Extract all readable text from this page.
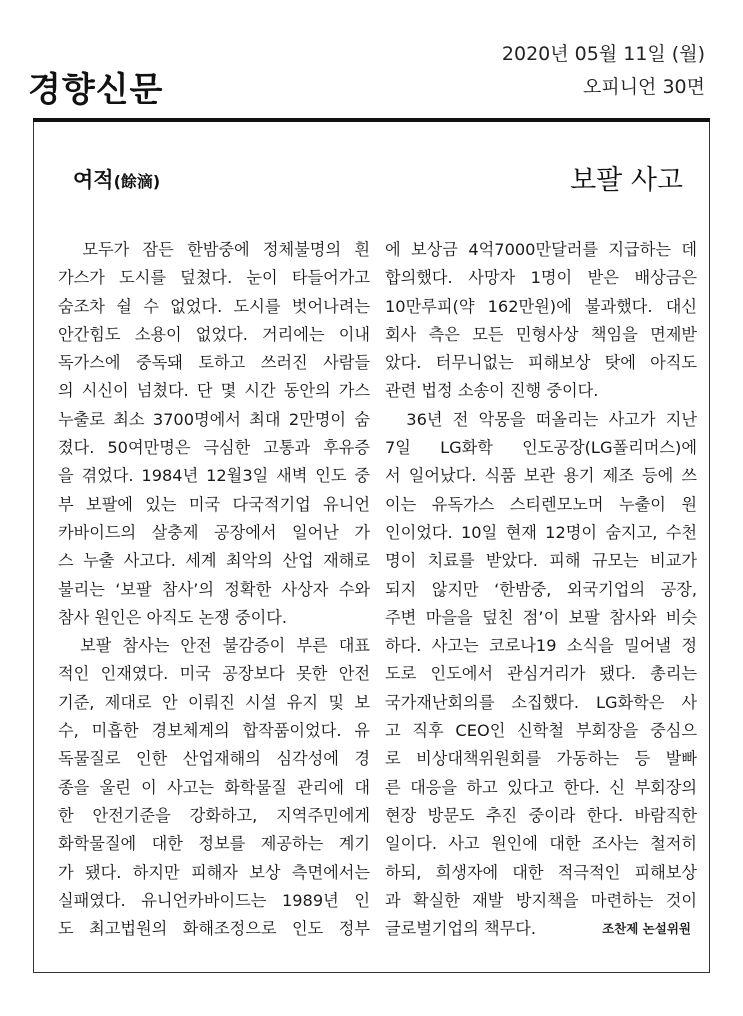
경향신문
2020년 05월 11일 (월)
오피니언 30면
여적(餘滴)	보팔 사고
　모두가 잠든 한밤중에 정체불명의 흰
가스가 도시를 덮쳤다. 눈이 타들어가고
숨조차 쉴 수 없었다. 도시를 벗어나려는
안간힘도 소용이 없었다. 거리에는 이내
독가스에 중독돼 토하고 쓰러진 사람들
의 시신이 넘쳤다. 단 몇 시간 동안의 가스
누출로 최소 3700명에서 최대 2만명이 숨
졌다. 50여만명은 극심한 고통과 후유증
을 겪었다. 1984년 12월3일 새벽 인도 중
부 보팔에 있는 미국 다국적기업 유니언
카바이드의 살충제 공장에서 일어난 가
스 누출 사고다. 세계 최악의 산업 재해로
불리는 ‘보팔 참사’의 정확한 사상자 수와
참사 원인은 아직도 논쟁 중이다.
　보팔 참사는 안전 불감증이 부른 대표
적인 인재였다. 미국 공장보다 못한 안전
기준, 제대로 안 이뤄진 시설 유지 및 보
수, 미흡한 경보체계의 합작품이었다. 유
독물질로 인한 산업재해의 심각성에 경
종을 울린 이 사고는 화학물질 관리에 대
한 안전기준을 강화하고, 지역주민에게
화학물질에 대한 정보를 제공하는 계기
가 됐다. 하지만 피해자 보상 측면에서는
실패였다. 유니언카바이드는 1989년 인
도 최고법원의 화해조정으로 인도 정부
에 보상금 4억7000만달러를 지급하는 데
합의했다. 사망자 1명이 받은 배상금은
10만루피(약 162만원)에 불과했다. 대신
회사 측은 모든 민형사상 책임을 면제받
았다. 터무니없는 피해보상 탓에 아직도
관련 법정 소송이 진행 중이다.
　36년 전 악몽을 떠올리는 사고가 지난
7일 LG화학 인도공장(LG폴리머스)에
서 일어났다. 식품 보관 용기 제조 등에 쓰
이는 유독가스 스티렌모노머 누출이 원
인이었다. 10일 현재 12명이 숨지고, 수천
명이 치료를 받았다. 피해 규모는 비교가
되지 않지만 ‘한밤중, 외국기업의 공장,
주변 마을을 덮친 점’이 보팔 참사와 비슷
하다. 사고는 코로나19 소식을 밀어낼 정
도로 인도에서 관심거리가 됐다. 총리는
국가재난회의를 소집했다. LG화학은 사
고 직후 CEO인 신학철 부회장을 중심으
로 비상대책위원회를 가동하는 등 발빠
른 대응을 하고 있다고 한다. 신 부회장의
현장 방문도 추진 중이라 한다. 바람직한
일이다. 사고 원인에 대한 조사는 철저히
하되, 희생자에 대한 적극적인 피해보상
과 확실한 재발 방지책을 마련하는 것이
글로벌기업의 책무다.	조찬제 논설위원
